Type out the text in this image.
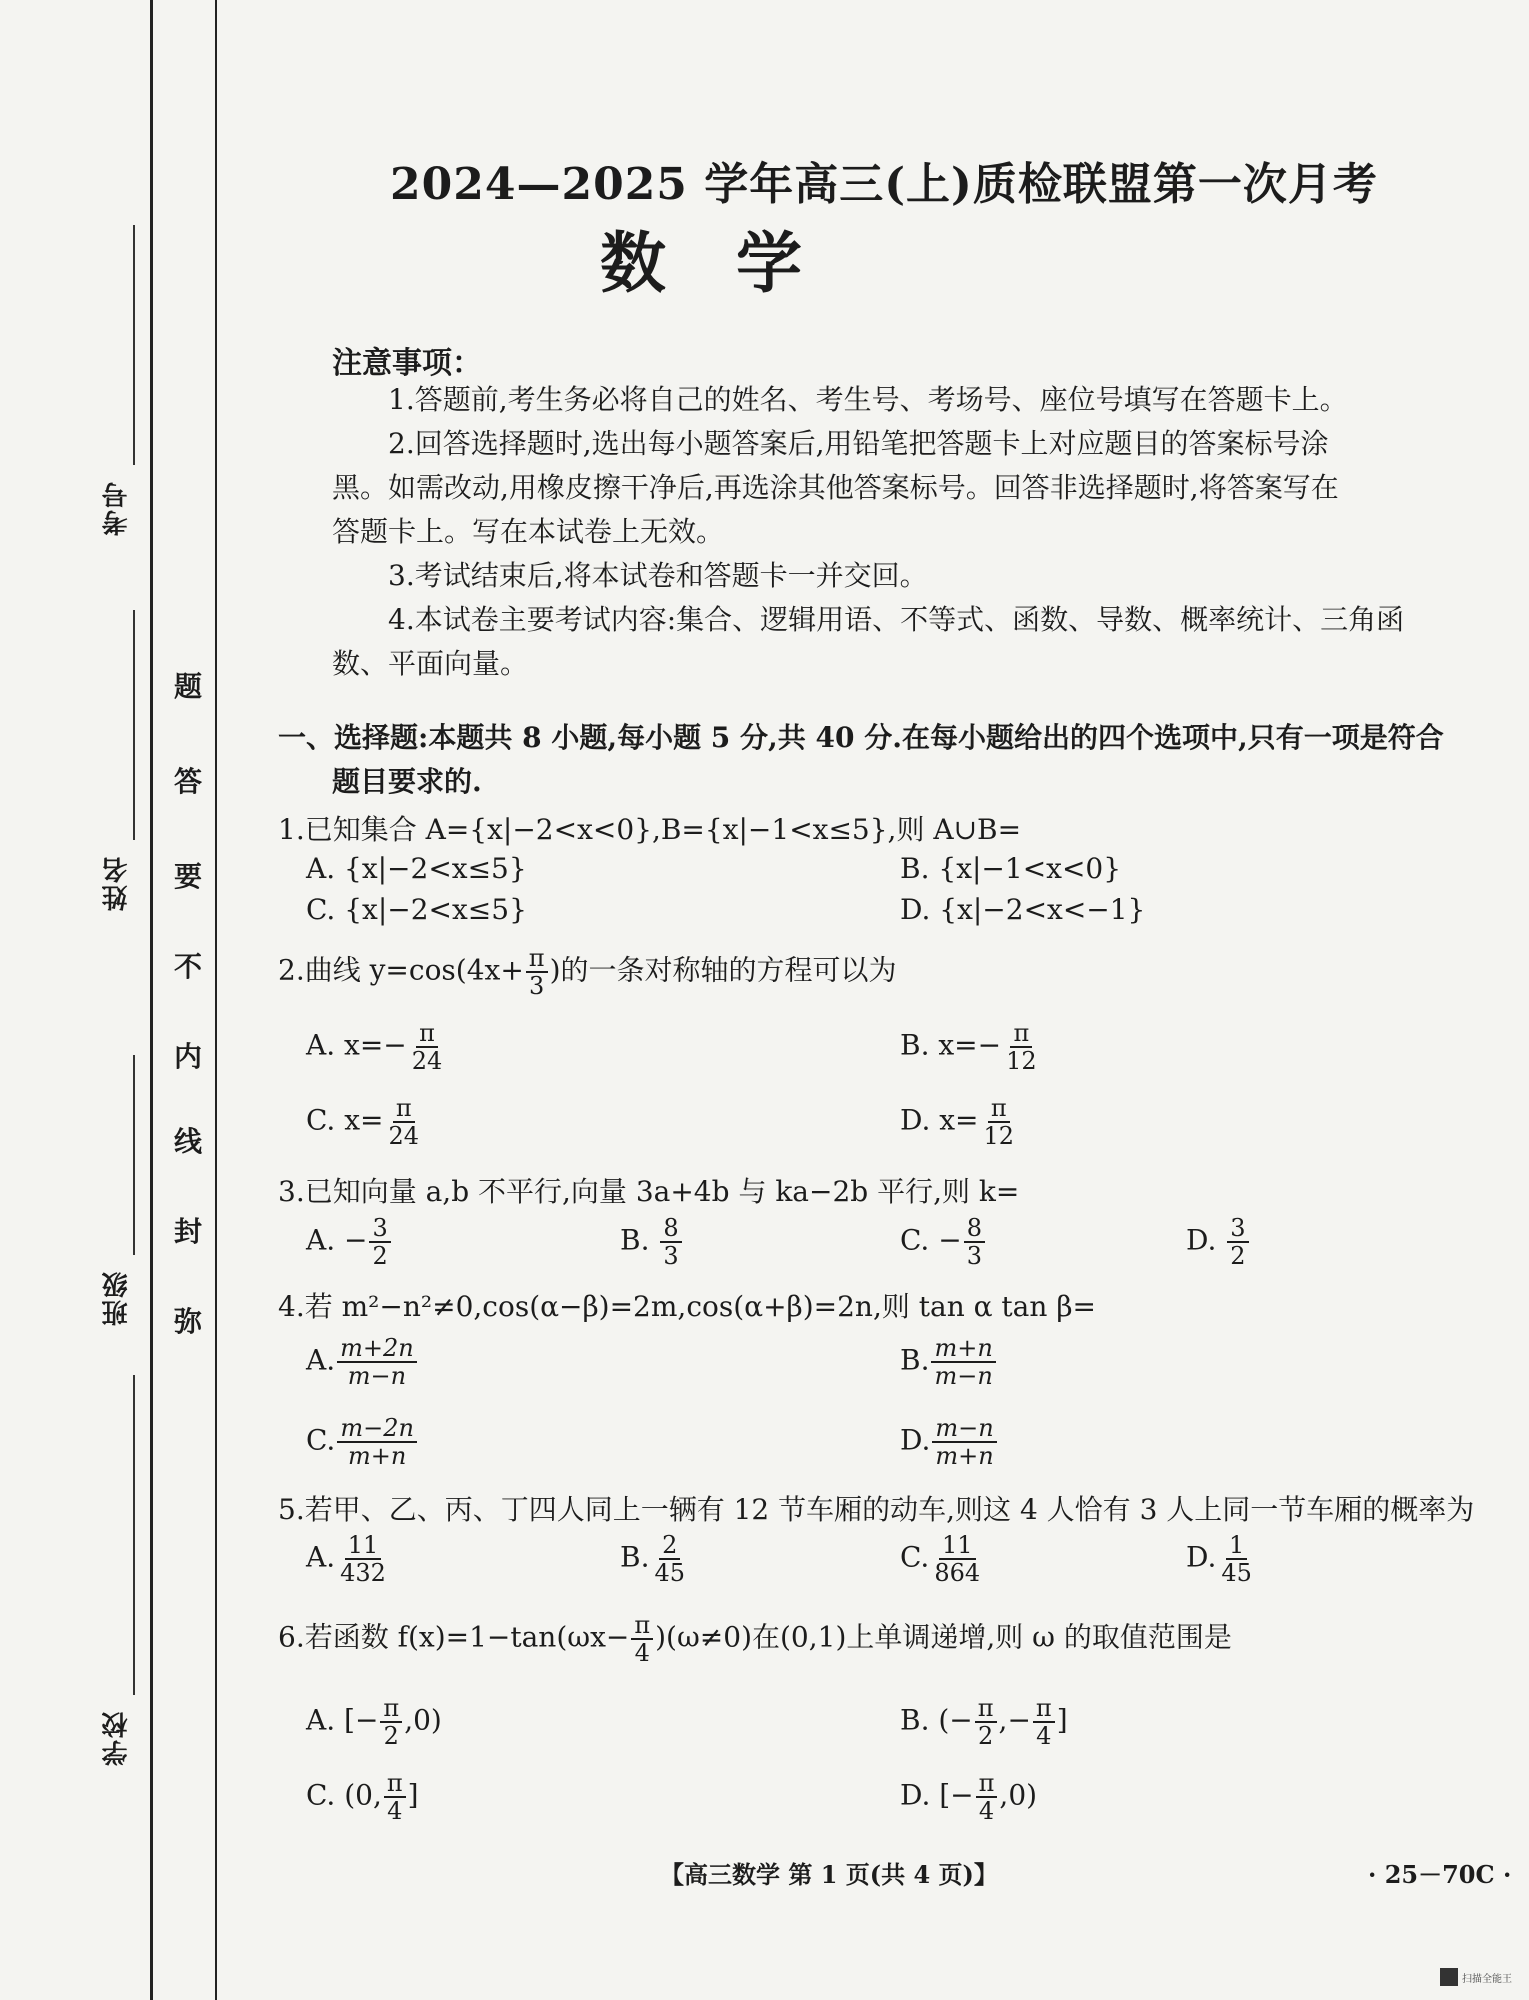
考号
姓名
班级
学校
题
答
要
不
内
线
封
弥
2024—2025 学年高三(上)质检联盟第一次月考
数学
注意事项：
1.答题前,考生务必将自己的姓名、考生号、考场号、座位号填写在答题卡上。
2.回答选择题时,选出每小题答案后,用铅笔把答题卡上对应题目的答案标号涂
黑。如需改动,用橡皮擦干净后,再选涂其他答案标号。回答非选择题时,将答案写在
答题卡上。写在本试卷上无效。
3.考试结束后,将本试卷和答题卡一并交回。
4.本试卷主要考试内容:集合、逻辑用语、不等式、函数、导数、概率统计、三角函
数、平面向量。
一、选择题:本题共 8 小题,每小题 5 分,共 40 分.在每小题给出的四个选项中,只有一项是符合
题目要求的.
1.已知集合 A={x|−2<x<0},B={x|−1<x≤5},则 A∪B=
A. {x|−2<x≤5}	B. {x|−1<x<0}
C. {x|−2<x≤5}	D. {x|−2<x<−1}
2.曲线 $y=\cos(4x+ \frac{\pi}{3}$ )的一条对称轴的方程可以为
A. $x=- \frac{\pi}{24}$	B. $x=- \frac{\pi}{12}$
C. $x= \frac{\pi}{24}$	D. $x= \frac{\pi}{12}$
3.已知向量 a,b 不平行,向量 3a+4b 与 ka−2b 平行,则 k=
A. − $\frac{3}{2}$	B. $\frac{8}{3}$	C. − $\frac{8}{3}$	D. $\frac{3}{2}$
4.若 m²−n²≠0,cos(α−β)=2m,cos(α+β)=2n,则 tan α tan β=
A. $\frac{m+2n}{m-n}$	B. $\frac{m+n}{m-n}$
C. $\frac{m-2n}{m+n}$	D. $\frac{m-n}{m+n}$
5.若甲、乙、丙、丁四人同上一辆有 12 节车厢的动车,则这 4 人恰有 3 人上同一节车厢的概率为
A. $\frac{11}{432}$	B. $\frac{2}{45}$	C. $\frac{11}{864}$	D. $\frac{1}{45}$
6.若函数 $f(x)=1-\tan(\omega x- \frac{\pi}{4} )(\omega\ne 0)$在(0,1)上单调递增,则 ω 的取值范围是
A. [− $\frac{\pi}{2} ,0$)	B. (− $\frac{\pi}{2}$ ,− $\frac{\pi}{4}$ ]
C. (0, $\frac{\pi}{4}$ ]	D. [− $\frac{\pi}{4} ,0$)
【高三数学 第 1 页(共 4 页)】	· 25－70C ·
扫描全能王
